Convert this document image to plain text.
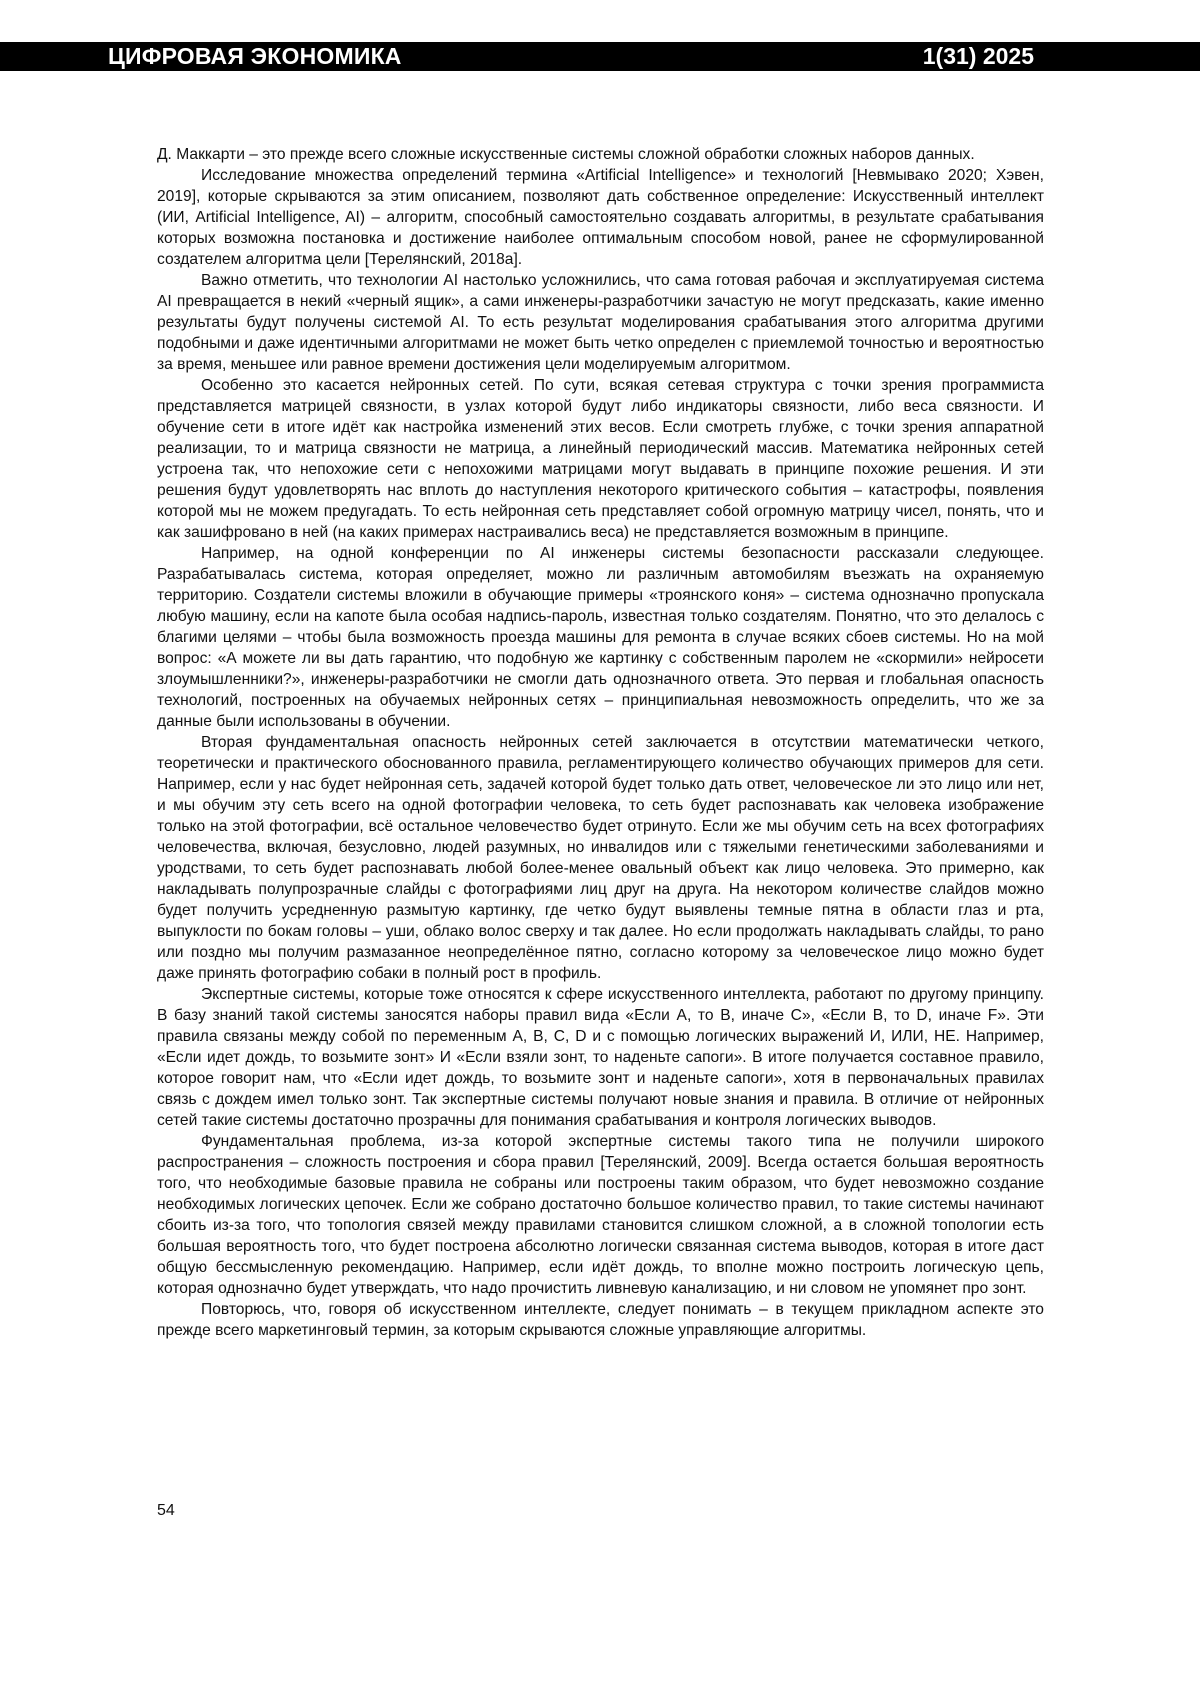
ЦИФРОВАЯ ЭКОНОМИКА	1(31) 2025

Д. Маккарти – это прежде всего сложные искусственные системы сложной обработки сложных наборов данных.

Исследование множества определений термина «Artificial Intelligence» и технологий [Невмывако 2020; Хэвен, 2019], которые скрываются за этим описанием, позволяют дать собственное определение: Искусственный интеллект (ИИ, Artificial Intelligence, AI) – алгоритм, способный самостоятельно создавать алгоритмы, в результате срабатывания которых возможна постановка и достижение наиболее оптимальным способом новой, ранее не сформулированной создателем алгоритма цели [Терелянский, 2018a].

Важно отметить, что технологии AI настолько усложнились, что сама готовая рабочая и эксплуатируемая система AI превращается в некий «черный ящик», а сами инженеры-разработчики зачастую не могут предсказать, какие именно результаты будут получены системой AI. То есть результат моделирования срабатывания этого алгоритма другими подобными и даже идентичными алгоритмами не может быть четко определен с приемлемой точностью и вероятностью за время, меньшее или равное времени достижения цели моделируемым алгоритмом.

Особенно это касается нейронных сетей. По сути, всякая сетевая структура с точки зрения программиста представляется матрицей связности, в узлах которой будут либо индикаторы связности, либо веса связности. И обучение сети в итоге идёт как настройка изменений этих весов. Если смотреть глубже, с точки зрения аппаратной реализации, то и матрица связности не матрица, а линейный периодический массив. Математика нейронных сетей устроена так, что непохожие сети с непохожими матрицами могут выдавать в принципе похожие решения. И эти решения будут удовлетворять нас вплоть до наступления некоторого критического события – катастрофы, появления которой мы не можем предугадать. То есть нейронная сеть представляет собой огромную матрицу чисел, понять, что и как зашифровано в ней (на каких примерах настраивались веса) не представляется возможным в принципе.

Например, на одной конференции по AI инженеры системы безопасности рассказали следующее. Разрабатывалась система, которая определяет, можно ли различным автомобилям въезжать на охраняемую территорию. Создатели системы вложили в обучающие примеры «троянского коня» – система однозначно пропускала любую машину, если на капоте была особая надпись-пароль, известная только создателям. Понятно, что это делалось с благими целями – чтобы была возможность проезда машины для ремонта в случае всяких сбоев системы. Но на мой вопрос: «А можете ли вы дать гарантию, что подобную же картинку с собственным паролем не «скормили» нейросети злоумышленники?», инженеры-разработчики не смогли дать однозначного ответа. Это первая и глобальная опасность технологий, построенных на обучаемых нейронных сетях – принципиальная невозможность определить, что же за данные были использованы в обучении.

Вторая фундаментальная опасность нейронных сетей заключается в отсутствии математически четкого, теоретически и практического обоснованного правила, регламентирующего количество обучающих примеров для сети. Например, если у нас будет нейронная сеть, задачей которой будет только дать ответ, человеческое ли это лицо или нет, и мы обучим эту сеть всего на одной фотографии человека, то сеть будет распознавать как человека изображение только на этой фотографии, всё остальное человечество будет отринуто. Если же мы обучим сеть на всех фотографиях человечества, включая, безусловно, людей разумных, но инвалидов или с тяжелыми генетическими заболеваниями и уродствами, то сеть будет распознавать любой более-менее овальный объект как лицо человека. Это примерно, как накладывать полупрозрачные слайды с фотографиями лиц друг на друга. На некотором количестве слайдов можно будет получить усредненную размытую картинку, где четко будут выявлены темные пятна в области глаз и рта, выпуклости по бокам головы – уши, облако волос сверху и так далее. Но если продолжать накладывать слайды, то рано или поздно мы получим размазанное неопределённое пятно, согласно которому за человеческое лицо можно будет даже принять фотографию собаки в полный рост в профиль.

Экспертные системы, которые тоже относятся к сфере искусственного интеллекта, работают по другому принципу. В базу знаний такой системы заносятся наборы правил вида «Если A, то B, иначе C», «Если B, то D, иначе F». Эти правила связаны между собой по переменным A, B, C, D и с помощью логических выражений И, ИЛИ, НЕ. Например, «Если идет дождь, то возьмите зонт» И «Если взяли зонт, то наденьте сапоги». В итоге получается составное правило, которое говорит нам, что «Если идет дождь, то возьмите зонт и наденьте сапоги», хотя в первоначальных правилах связь с дождем имел только зонт. Так экспертные системы получают новые знания и правила. В отличие от нейронных сетей такие системы достаточно прозрачны для понимания срабатывания и контроля логических выводов.

Фундаментальная проблема, из-за которой экспертные системы такого типа не получили широкого распространения – сложность построения и сбора правил [Терелянский, 2009]. Всегда остается большая вероятность того, что необходимые базовые правила не собраны или построены таким образом, что будет невозможно создание необходимых логических цепочек. Если же собрано достаточно большое количество правил, то такие системы начинают сбоить из-за того, что топология связей между правилами становится слишком сложной, а в сложной топологии есть большая вероятность того, что будет построена абсолютно логически связанная система выводов, которая в итоге даст общую бессмысленную рекомендацию. Например, если идёт дождь, то вполне можно построить логическую цепь, которая однозначно будет утверждать, что надо прочистить ливневую канализацию, и ни словом не упомянет про зонт.

Повторюсь, что, говоря об искусственном интеллекте, следует понимать – в текущем прикладном аспекте это прежде всего маркетинговый термин, за которым скрываются сложные управляющие алгоритмы.

54
